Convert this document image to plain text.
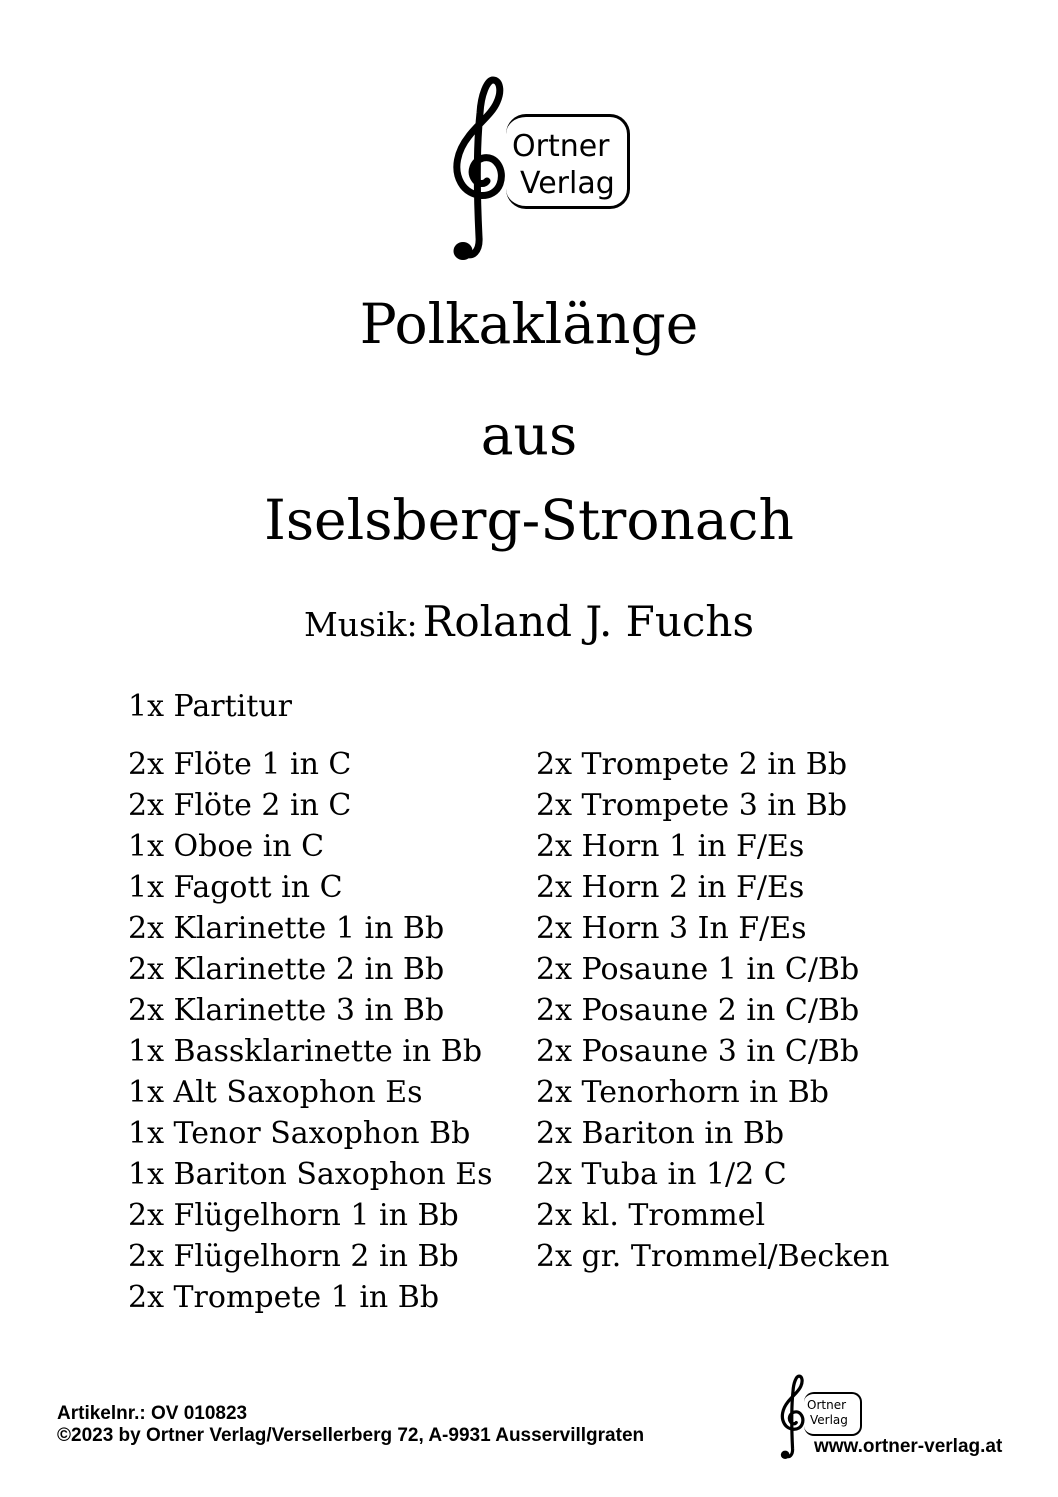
Ortner
Verlag
Polkaklänge
aus
Iselsberg-Stronach
Musik: Roland J. Fuchs
1x Partitur
2x Flöte 1 in C
2x Flöte 2 in C
1x Oboe in C
1x Fagott in C
2x Klarinette 1 in Bb
2x Klarinette 2 in Bb
2x Klarinette 3 in Bb
1x Bassklarinette in Bb
1x Alt Saxophon Es
1x Tenor Saxophon Bb
1x Bariton Saxophon Es
2x Flügelhorn 1 in Bb
2x Flügelhorn 2 in Bb
2x Trompete 1 in Bb
2x Trompete 2 in Bb
2x Trompete 3 in Bb
2x Horn 1 in F/Es
2x Horn 2 in F/Es
2x Horn 3 In F/Es
2x Posaune 1 in C/Bb
2x Posaune 2 in C/Bb
2x Posaune 3 in C/Bb
2x Tenorhorn in Bb
2x Bariton in Bb
2x Tuba in 1/2 C
2x kl. Trommel
2x gr. Trommel/Becken
Artikelnr.: OV 010823
©2023 by Ortner Verlag/Versellerberg 72, A-9931 Ausservillgraten
Ortner
Verlag
www.ortner-verlag.at
